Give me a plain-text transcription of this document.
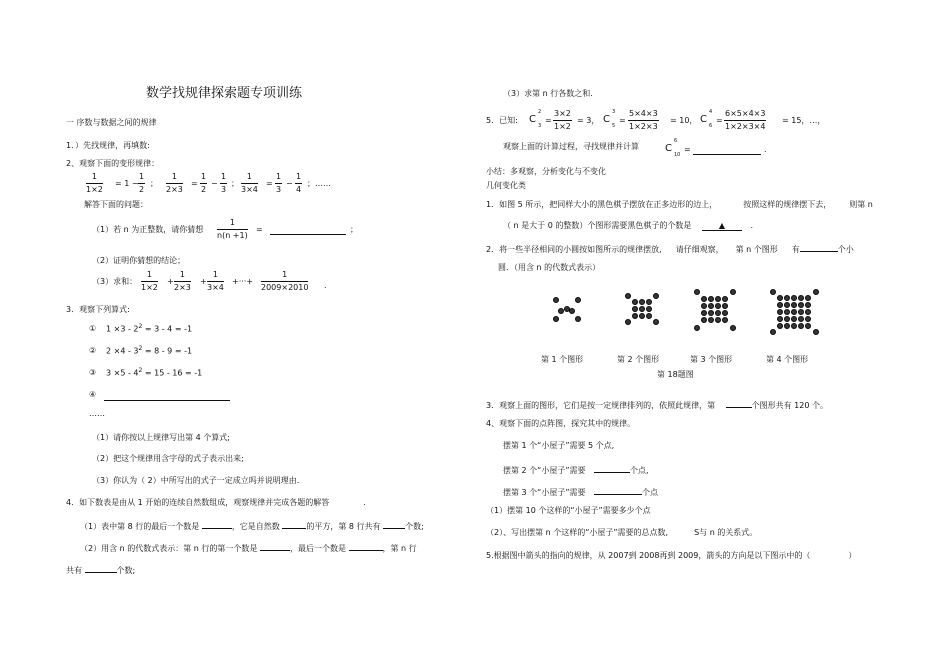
数学找规律探索题专项训练
一 序数与数据之间的规律
1．）先找规律，再填数:
2、观察下面的变形规律：
$\frac{1}{1\times 2} = 1 - \frac{1}{2}$ ； $\frac{1}{2\times 3} = \frac{1}{2} - \frac{1}{3}$ ； $\frac{1}{3\times 4} = \frac{1}{3} - \frac{1}{4}$ ；……
解答下面的问题：
（1）若 n 为正整数，请你猜想 $\frac{1}{n(n +1)}$ =	；
（2）证明你猜想的结论；
（3）求和： $\frac{1}{1\times 2} + \frac{1}{2\times 3} + \frac{1}{3\times 4}$ +···+ $\frac{1}{2009\times 2010}$ .
3．观察下列算式:
① $1 \times 3 - 2^2 = 3 - 4 = -1$
② $2 \times 4 - 3^2 = 8 - 9 = -1$
③ $3 \times 5 - 4^2 = 15 - 16 = -1$
④
……
（1）请你按以上规律写出第 4 个算式;
（2）把这个规律用含字母的式子表示出来;
（3）你认为（ 2）中所写出的式子一定成立吗并说明理由.
4．如下数表是由从 1 开始的连续自然数组成，观察规律并完成各题的解答	.
（1）表中第 8 行的最后一个数是	，它是自然数	的平方，第 8 行共有	个数;
（2）用含 n 的代数式表示：第 n 行的第一个数是	，最后一个数是	，第 n 行
共有	个数;
（3）求第 n 行各数之和.
5．已知: C
2
3
= $\frac{3\times 2}{1\times 2} = 3$， C
3
5
= $\frac{5\times 4\times 3}{1\times 2\times 3} = 10$， C
4
6
= $\frac{6\times 5\times 4\times 3}{1\times 2\times 3\times 4} = 15$，…，
观察上面的计算过程，寻找规律并计算	C
6
10
=	.
小结：多观察，分析变化与不变化
几何变化类
1．如图 5 所示，把同样大小的黑色棋子摆放在正多边形的边上，	按照这样的规律摆下去， 则第 n
（ n 是大于 0 的整数）个图形需要黑色棋子的个数是	▲	.
2．将一些半径相同的小圆按如图所示的规律摆放, 请仔细观察， 第 n 个图形 有	个小
圆．（用含 n 的代数式表示）
第 1 个图形	第 2 个图形	第 3 个图形	第 4 个图形
第 18题图
3．观察上面的图形，它们是按一定规律排列的，依照此规律，第	个图形共有 120 个。
4、观察下面的点阵图，探究其中的规律。
摆第 1 个“小屋子”需要 5 个点,
摆第 2 个“小屋子”需要	个点,
摆第 3 个“小屋子”需要	个点
（1）摆第 10 个这样的“小屋子”需要多少个点
（2）、写出摆第 n 个这样的“小屋子”需要的总点数,	S与 n 的关系式。
5.根据图中箭头的指向的规律，从 2007到 2008再到 2009，箭头的方向是以下图示中的（	）
